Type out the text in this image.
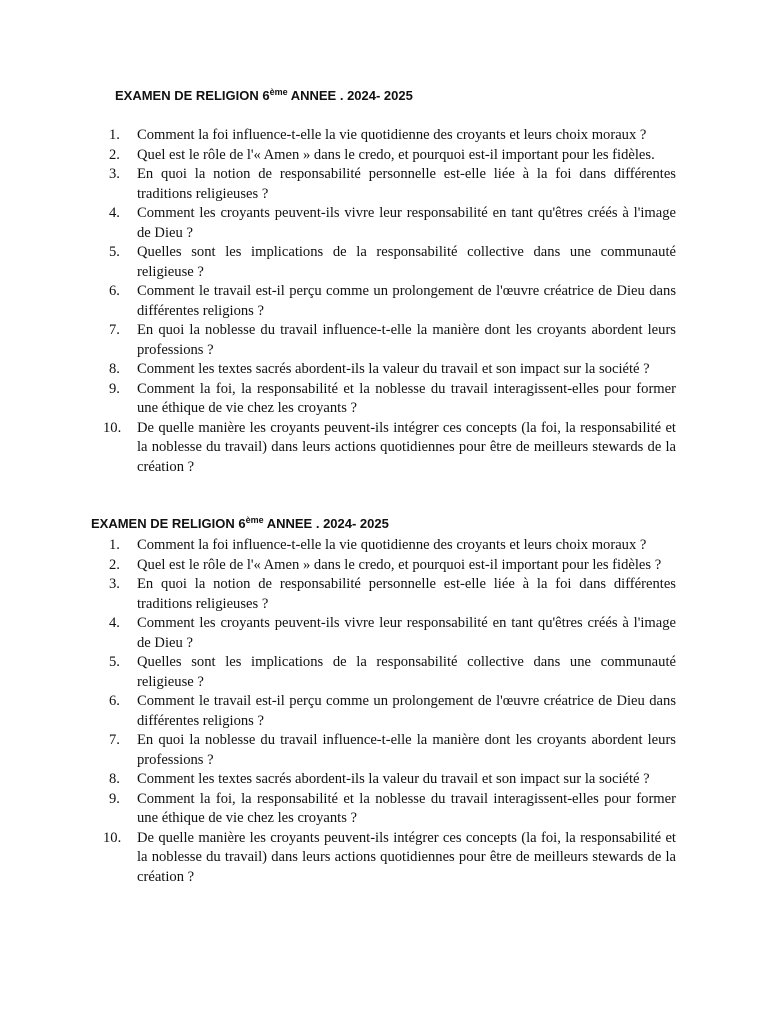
EXAMEN DE RELIGION 6ème ANNEE . 2024- 2025
1.	Comment la foi influence-t-elle la vie quotidienne des croyants et leurs choix moraux ?
2.	Quel est le rôle de l'« Amen » dans le credo, et pourquoi est-il important pour les fidèles.
3.	En quoi la notion de responsabilité personnelle est-elle liée à la foi dans différentes traditions religieuses ?
4.	Comment les croyants peuvent-ils vivre leur responsabilité en tant qu'êtres créés à l'image de Dieu ?
5.	Quelles sont les implications de la responsabilité collective dans une communauté religieuse ?
6.	Comment le travail est-il perçu comme un prolongement de l'œuvre créatrice de Dieu dans différentes religions ?
7.	En quoi la noblesse du travail influence-t-elle la manière dont les croyants abordent leurs professions ?
8.	Comment les textes sacrés abordent-ils la valeur du travail et son impact sur la société ?
9.	Comment la foi, la responsabilité et la noblesse du travail interagissent-elles pour former une éthique de vie chez les croyants ?
10.	De quelle manière les croyants peuvent-ils intégrer ces concepts (la foi, la responsabilité et la noblesse du travail) dans leurs actions quotidiennes pour être de meilleurs stewards de la création ?
EXAMEN DE RELIGION 6ème ANNEE . 2024- 2025
1.	Comment la foi influence-t-elle la vie quotidienne des croyants et leurs choix moraux ?
2.	Quel est le rôle de l'« Amen » dans le credo, et pourquoi est-il important pour les fidèles ?
3.	En quoi la notion de responsabilité personnelle est-elle liée à la foi dans différentes traditions religieuses ?
4.	Comment les croyants peuvent-ils vivre leur responsabilité en tant qu'êtres créés à l'image de Dieu ?
5.	Quelles sont les implications de la responsabilité collective dans une communauté religieuse ?
6.	Comment le travail est-il perçu comme un prolongement de l'œuvre créatrice de Dieu dans différentes religions ?
7.	En quoi la noblesse du travail influence-t-elle la manière dont les croyants abordent leurs professions ?
8.	Comment les textes sacrés abordent-ils la valeur du travail et son impact sur la société ?
9.	Comment la foi, la responsabilité et la noblesse du travail interagissent-elles pour former une éthique de vie chez les croyants ?
10.	De quelle manière les croyants peuvent-ils intégrer ces concepts (la foi, la responsabilité et la noblesse du travail) dans leurs actions quotidiennes pour être de meilleurs stewards de la création ?
